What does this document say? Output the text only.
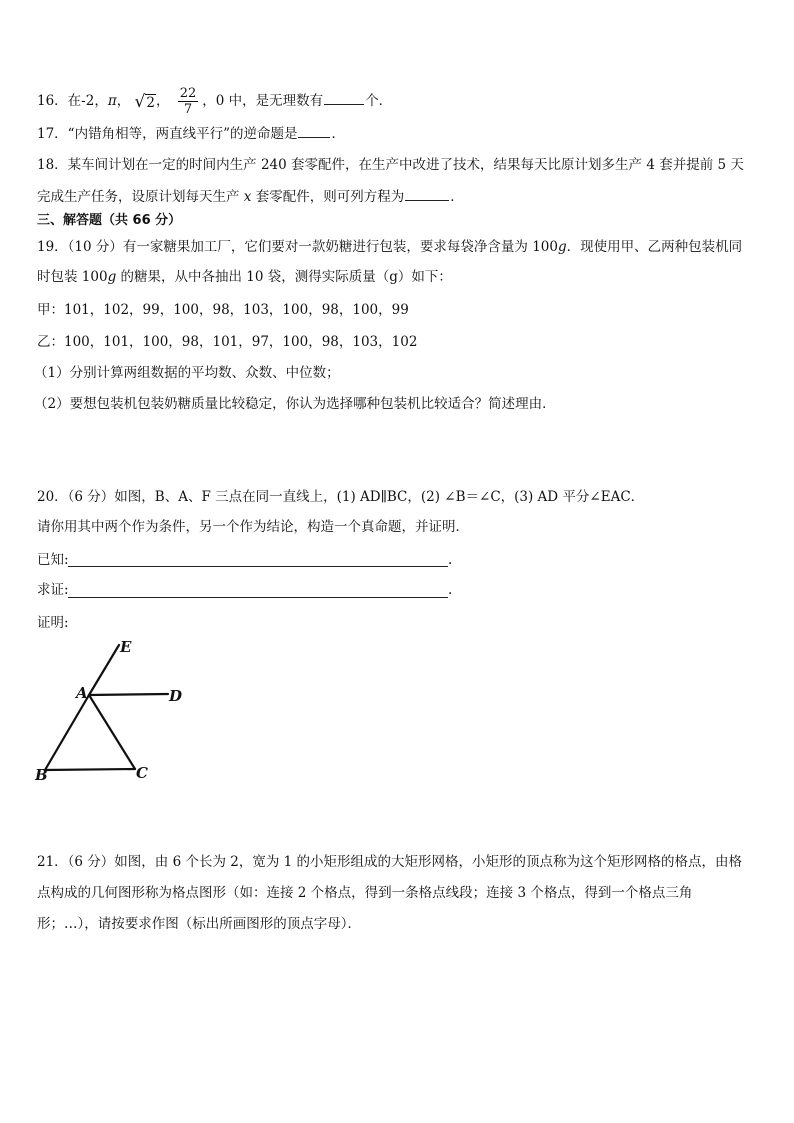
16．在-2，π， √ 2 ， $\frac{22}{7}$ ，0 中，是无理数有	个．
17．“内错角相等，两直线平行”的逆命题是	．
18．某车间计划在一定的时间内生产 240 套零配件，在生产中改进了技术，结果每天比原计划多生产 4 套并提前 5 天
完成生产任务，设原计划每天生产 x 套零配件，则可列方程为	．
三、解答题（共 66 分）
19．（10 分）有一家糖果加工厂，它们要对一款奶糖进行包装，要求每袋净含量为 100g．现使用甲、乙两种包装机同
时包装 100g 的糖果，从中各抽出 10 袋，测得实际质量（g）如下：
甲：101，102，99，100，98，103，100，98，100，99
乙：100，101，100，98，101，97，100，98，103，102
（1）分别计算两组数据的平均数、众数、中位数；
（2）要想包装机包装奶糖质量比较稳定，你认为选择哪种包装机比较适合？简述理由．
20．（6 分）如图，B、A、F 三点在同一直线上，(1) AD∥BC，(2) ∠B＝∠C，(3) AD 平分∠EAC．
请你用其中两个作为条件，另一个作为结论，构造一个真命题，并证明．
已知:	.
求证:	.
证明:
E
A	D
B	C
21．（6 分）如图，由 6 个长为 2，宽为 1 的小矩形组成的大矩形网格，小矩形的顶点称为这个矩形网格的格点，由格
点构成的几何图形称为格点图形（如：连接 2 个格点，得到一条格点线段；连接 3 个格点，得到一个格点三角
形；…），请按要求作图（标出所画图形的顶点字母）．
